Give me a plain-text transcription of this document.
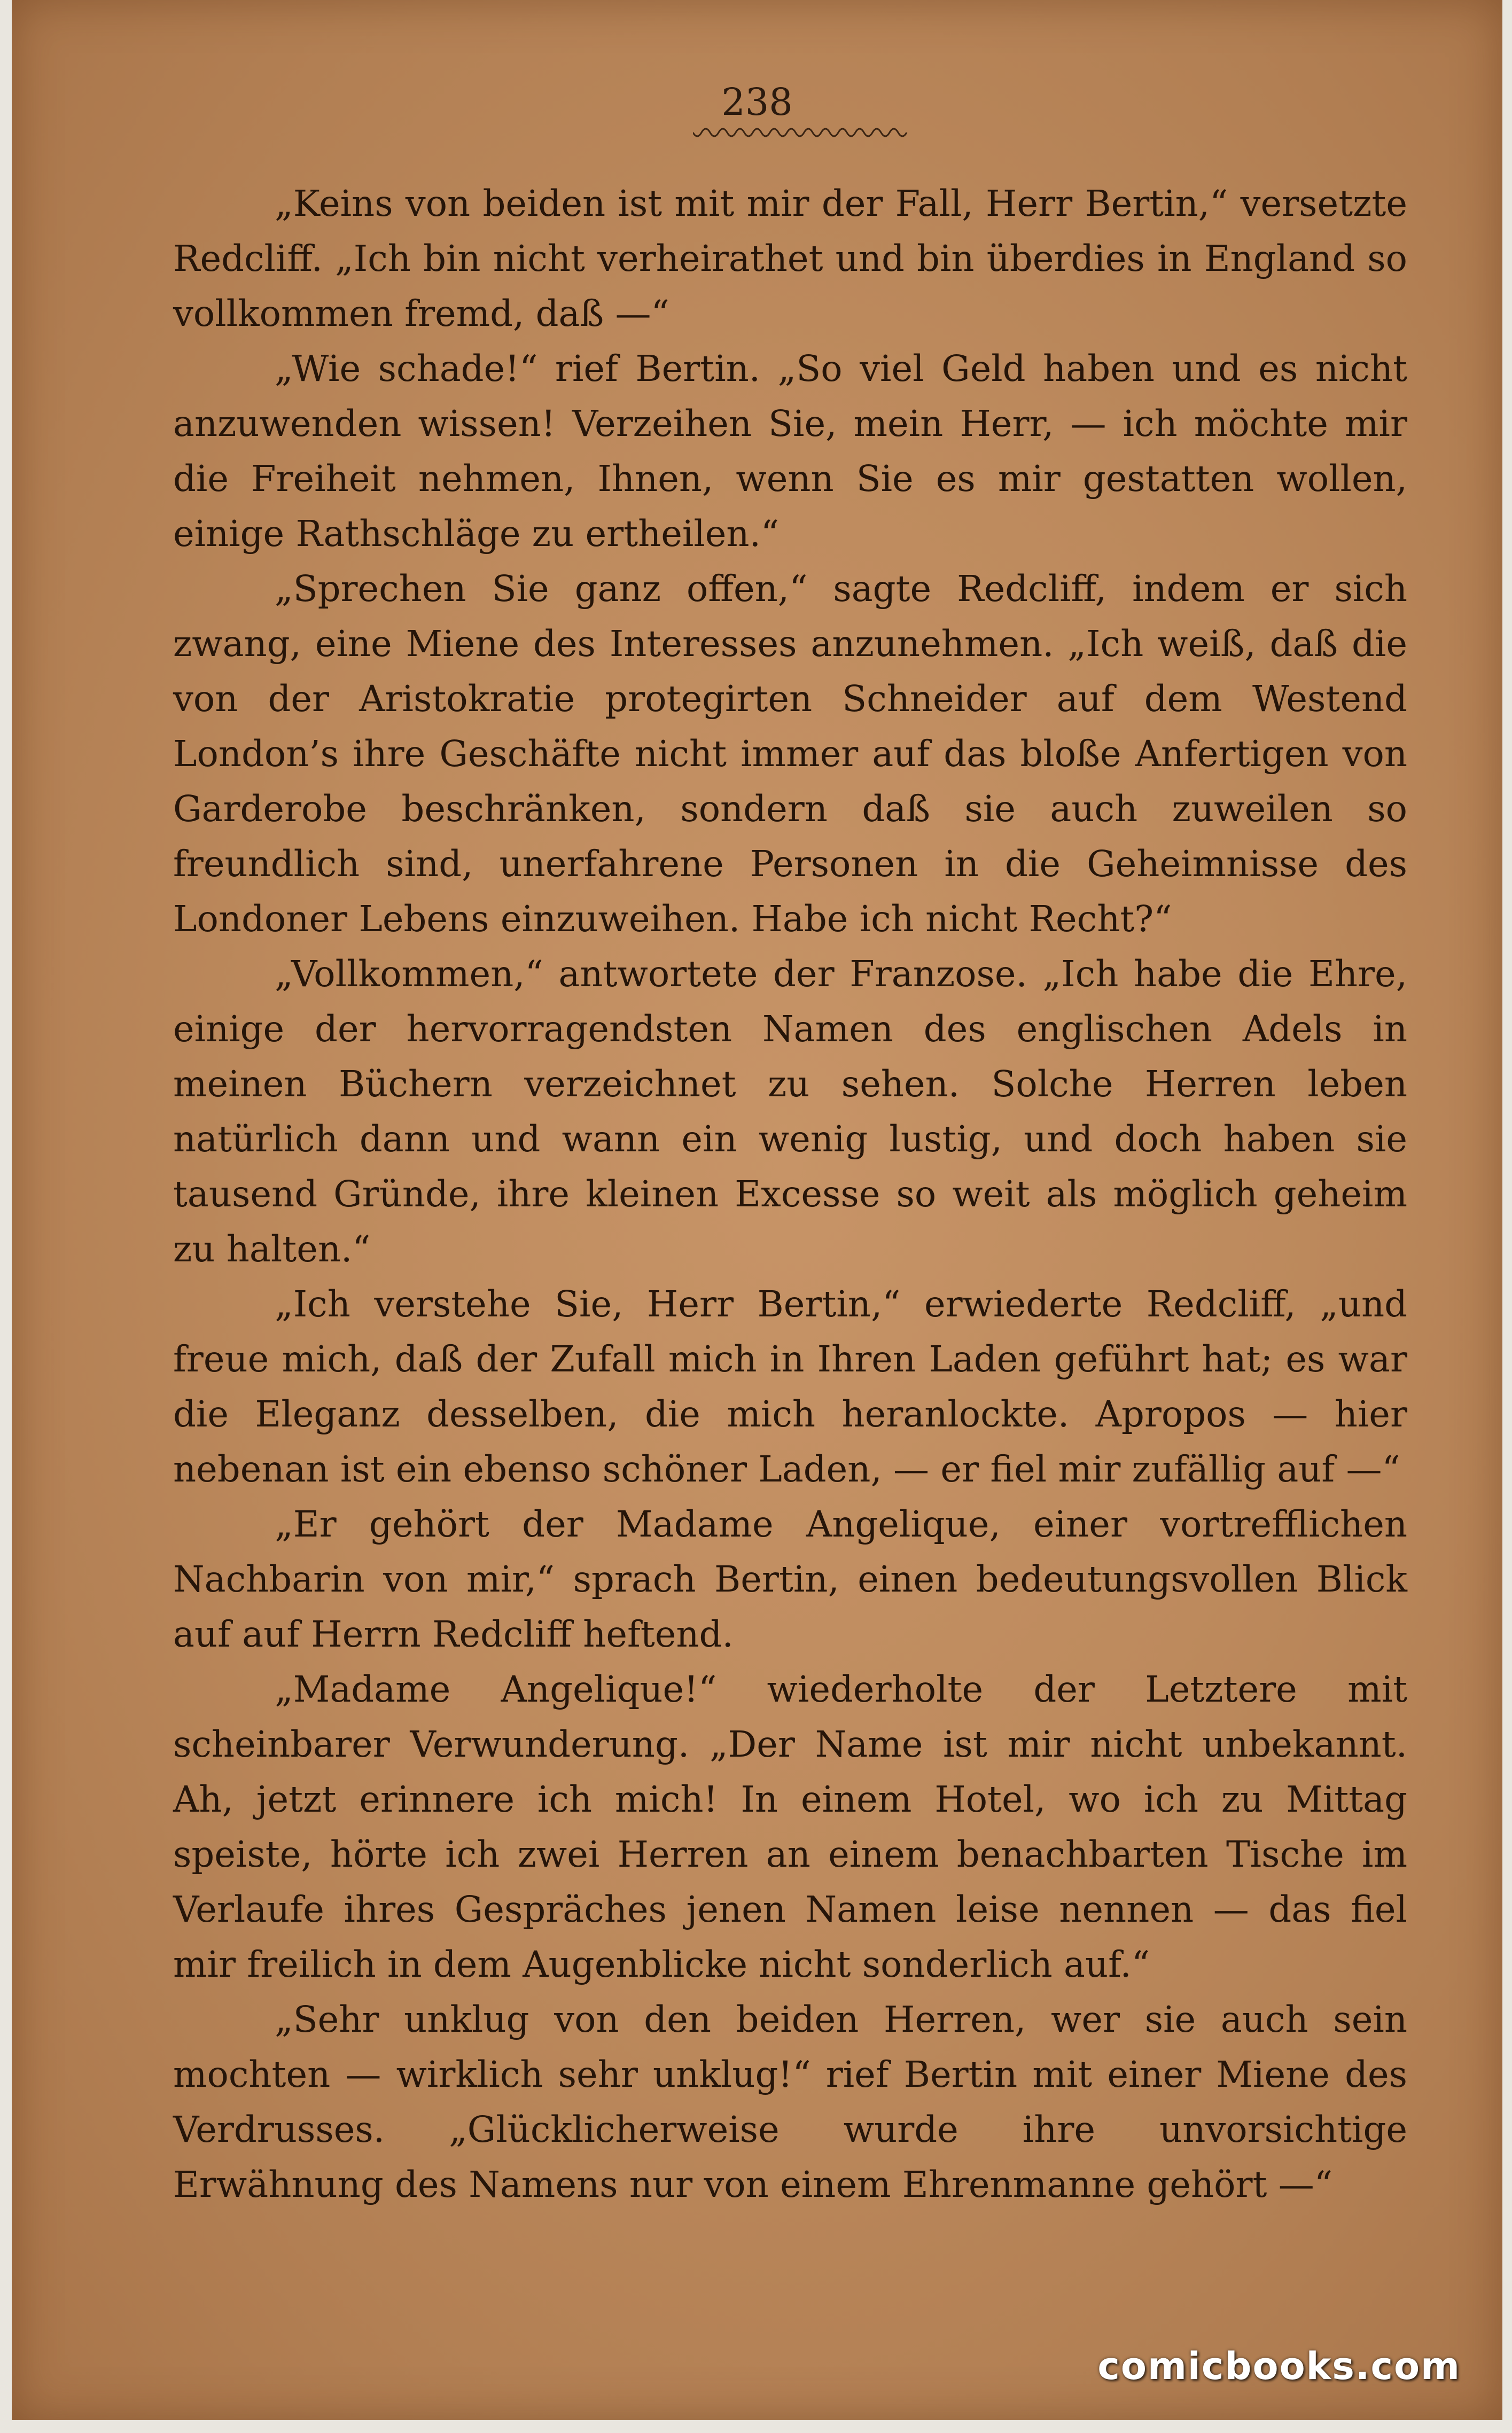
238

„Keins von beiden ist mit mir der Fall, Herr Bertin,“ versetzte Redcliff. „Ich bin nicht verheirathet und bin überdies in England so vollkommen fremd, daß —“

„Wie schade!“ rief Bertin. „So viel Geld haben und es nicht anzuwenden wissen! Verzeihen Sie, mein Herr, — ich möchte mir die Freiheit nehmen, Ihnen, wenn Sie es mir gestatten wollen, einige Rathschläge zu ertheilen.“

„Sprechen Sie ganz offen,“ sagte Redcliff, indem er sich zwang, eine Miene des Interesses anzunehmen. „Ich weiß, daß die von der Aristokratie protegirten Schneider auf dem Westend London’s ihre Geschäfte nicht immer auf das bloße Anfertigen von Garderobe beschränken, sondern daß sie auch zuweilen so freundlich sind, unerfahrene Personen in die Geheimnisse des Londoner Lebens einzuweihen. Habe ich nicht Recht?“

„Vollkommen,“ antwortete der Franzose. „Ich habe die Ehre, einige der hervorragendsten Namen des englischen Adels in meinen Büchern verzeichnet zu sehen. Solche Herren leben natürlich dann und wann ein wenig lustig, und doch haben sie tausend Gründe, ihre kleinen Excesse so weit als möglich geheim zu halten.“

„Ich verstehe Sie, Herr Bertin,“ erwiederte Redcliff, „und freue mich, daß der Zufall mich in Ihren Laden geführt hat; es war die Eleganz desselben, die mich heranlockte. Apropos — hier nebenan ist ein ebenso schöner Laden, — er fiel mir zufällig auf —“

„Er gehört der Madame Angelique, einer vortrefflichen Nachbarin von mir,“ sprach Bertin, einen bedeutungsvollen Blick auf auf Herrn Redcliff heftend.

„Madame Angelique!“ wiederholte der Letztere mit scheinbarer Verwunderung. „Der Name ist mir nicht unbekannt. Ah, jetzt erinnere ich mich! In einem Hotel, wo ich zu Mittag speiste, hörte ich zwei Herren an einem benachbarten Tische im Verlaufe ihres Gespräches jenen Namen leise nennen — das fiel mir freilich in dem Augenblicke nicht sonderlich auf.“

„Sehr unklug von den beiden Herren, wer sie auch sein mochten — wirklich sehr unklug!“ rief Bertin mit einer Miene des Verdrusses. „Glücklicherweise wurde ihre unvorsichtige Erwähnung des Namens nur von einem Ehrenmanne gehört —“

comicbooks.com
